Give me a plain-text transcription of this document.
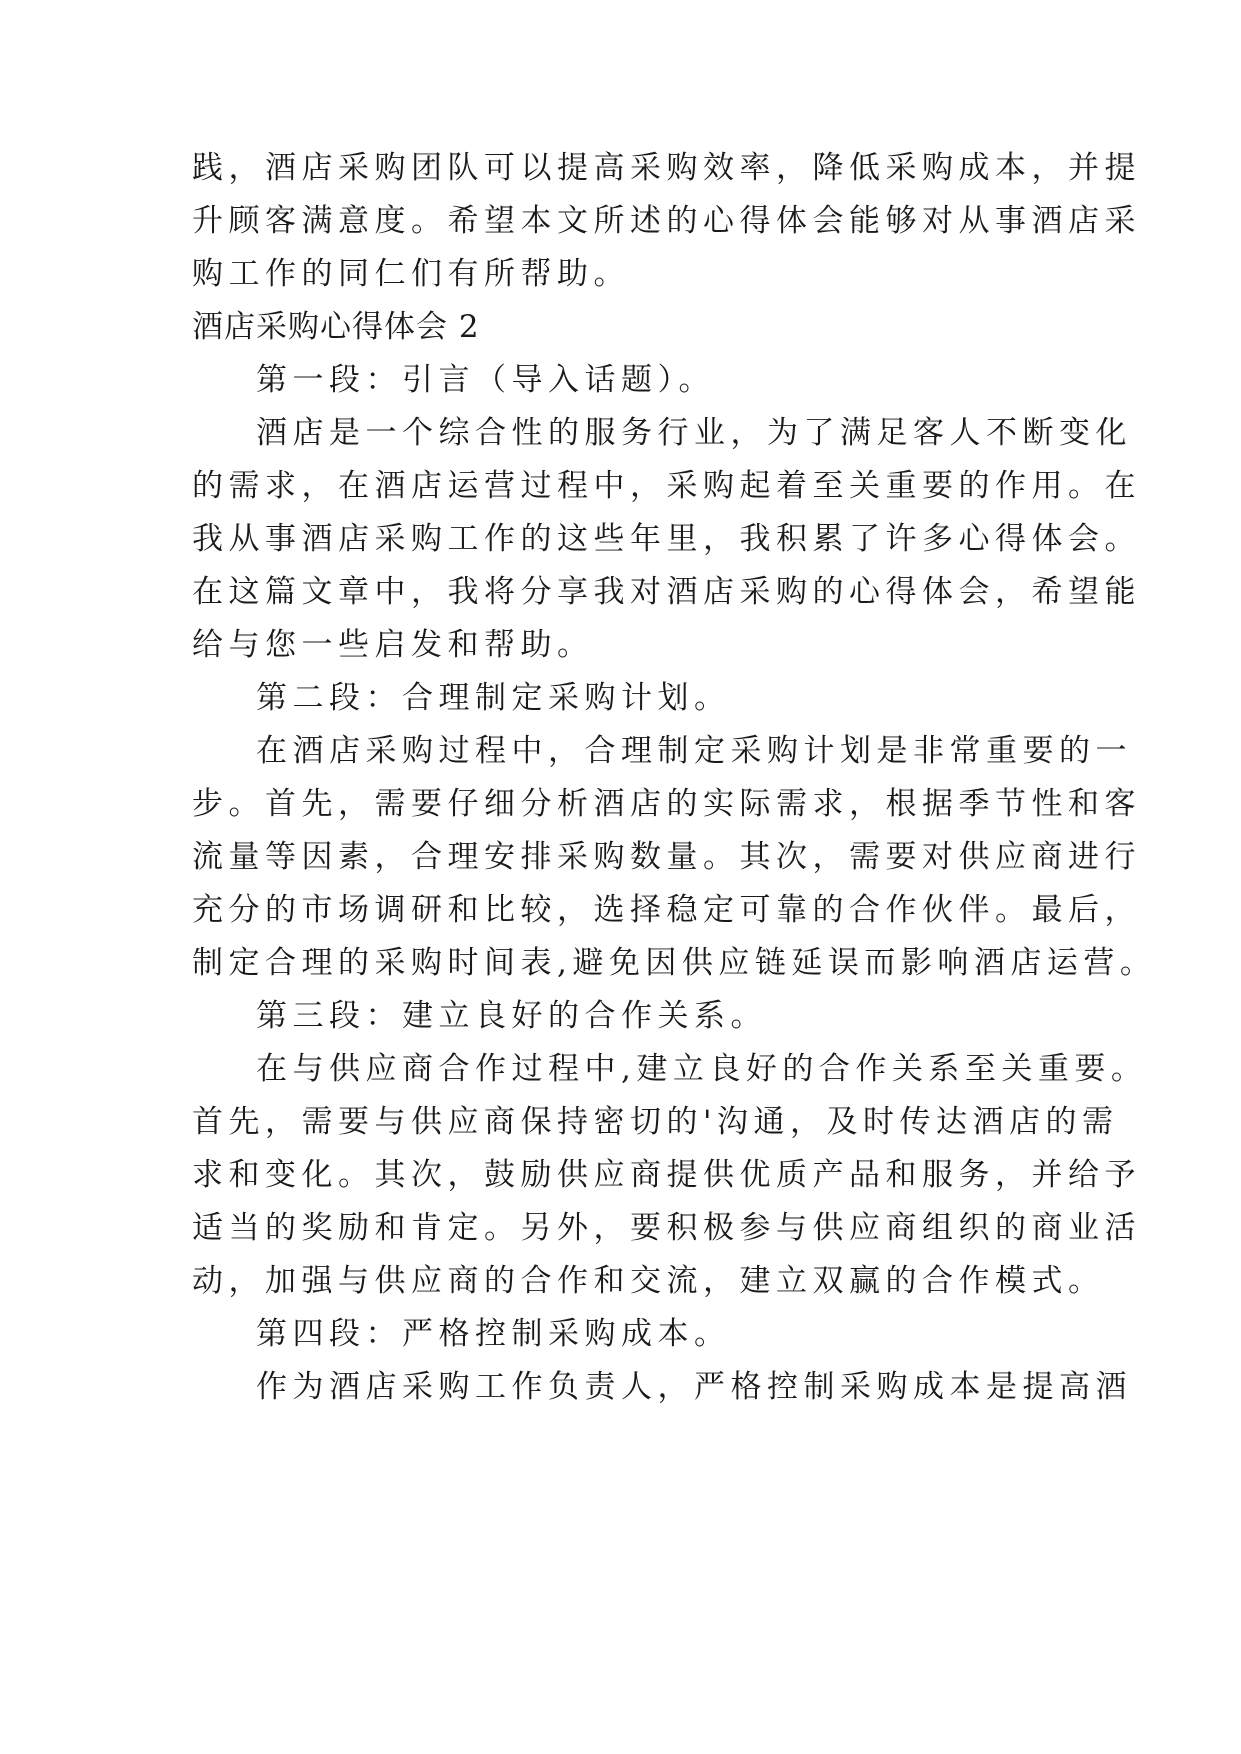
践，酒店采购团队可以提高采购效率，降低采购成本，并提
升顾客满意度。希望本文所述的心得体会能够对从事酒店采
购工作的同仁们有所帮助。
酒店采购心得体会 2
第一段：引言（导入话题）。
酒店是一个综合性的服务行业，为了满足客人不断变化
的需求，在酒店运营过程中，采购起着至关重要的作用。在
我从事酒店采购工作的这些年里，我积累了许多心得体会。
在这篇文章中，我将分享我对酒店采购的心得体会，希望能
给与您一些启发和帮助。
第二段：合理制定采购计划。
在酒店采购过程中，合理制定采购计划是非常重要的一
步。首先，需要仔细分析酒店的实际需求，根据季节性和客
流量等因素，合理安排采购数量。其次，需要对供应商进行
充分的市场调研和比较，选择稳定可靠的合作伙伴。最后，
制定合理的采购时间表,避免因供应链延误而影响酒店运营。
第三段：建立良好的合作关系。
在与供应商合作过程中,建立良好的合作关系至关重要。
首先，需要与供应商保持密切的'沟通，及时传达酒店的需
求和变化。其次，鼓励供应商提供优质产品和服务，并给予
适当的奖励和肯定。另外，要积极参与供应商组织的商业活
动，加强与供应商的合作和交流，建立双赢的合作模式。
第四段：严格控制采购成本。
作为酒店采购工作负责人，严格控制采购成本是提高酒
